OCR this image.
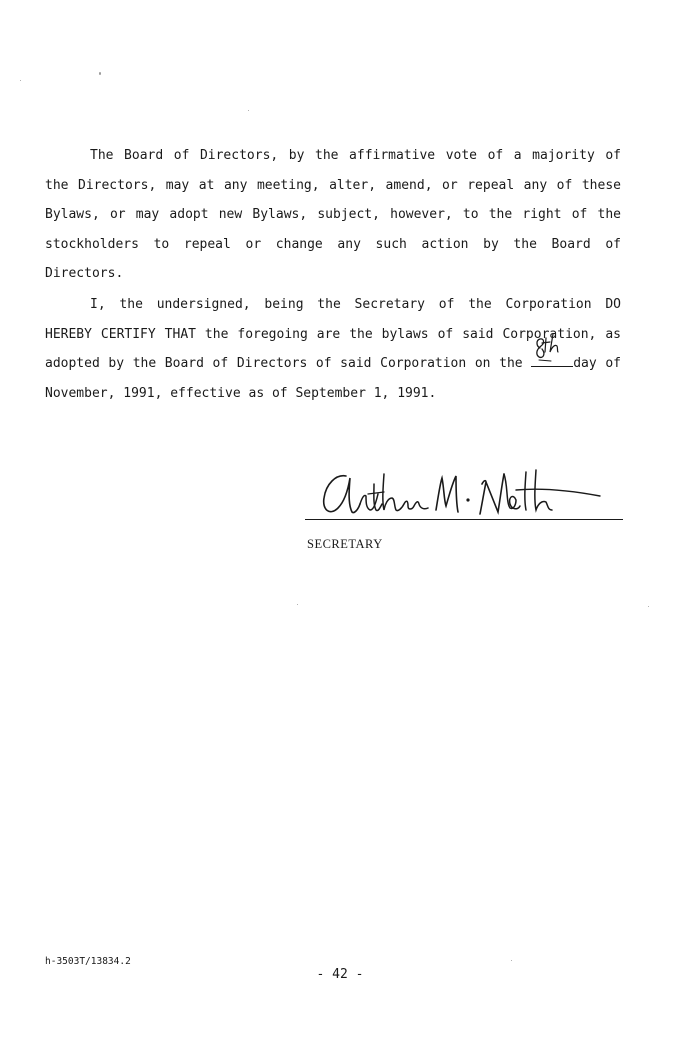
The Board of Directors, by the affirmative vote of a majority of the Directors, may at any meeting, alter, amend, or repeal any of these Bylaws, or may adopt new Bylaws, subject, however, to the right of the stockholders to repeal or change any such action by the Board of Directors.

I, the undersigned, being the Secretary of the Corporation DO HEREBY CERTIFY THAT the foregoing are the bylaws of said Corporation, as adopted by the Board of Directors of said Corporation on the	day of November, 1991, effective as of September 1, 1991.

SECRETARY
h-3503T/13834.2
- 42 -
